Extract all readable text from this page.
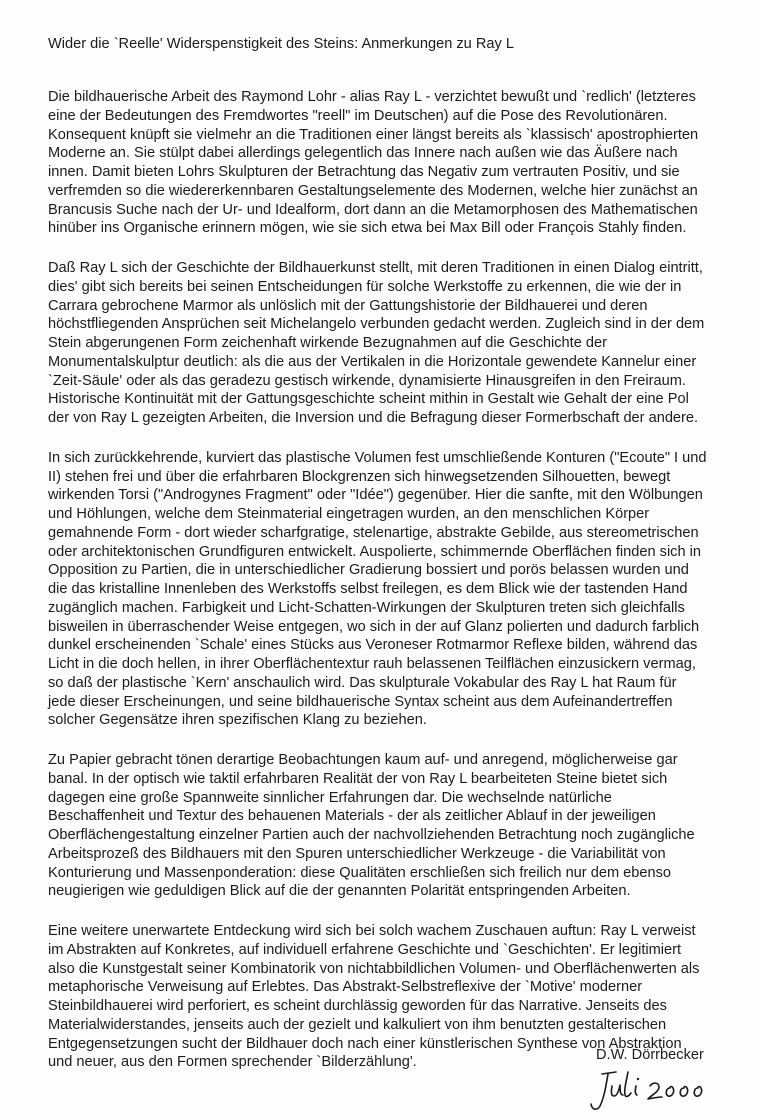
Wider die `Reelle' Widerspenstigkeit des Steins: Anmerkungen zu Ray L

Die bildhauerische Arbeit des Raymond Lohr - alias Ray L - verzichtet bewußt und `redlich' (letzteres
eine der Bedeutungen des Fremdwortes "reell" im Deutschen) auf die Pose des Revolutionären.
Konsequent knüpft sie vielmehr an die Traditionen einer längst bereits als `klassisch' apostrophierten
Moderne an. Sie stülpt dabei allerdings gelegentlich das Innere nach außen wie das Äußere nach
innen. Damit bieten Lohrs Skulpturen der Betrachtung das Negativ zum vertrauten Positiv, und sie
verfremden so die wiedererkennbaren Gestaltungselemente des Modernen, welche hier zunächst an
Brancusis Suche nach der Ur- und Idealform, dort dann an die Metamorphosen des Mathematischen
hinüber ins Organische erinnern mögen, wie sie sich etwa bei Max Bill oder François Stahly finden.

Daß Ray L sich der Geschichte der Bildhauerkunst stellt, mit deren Traditionen in einen Dialog eintritt,
dies' gibt sich bereits bei seinen Entscheidungen für solche Werkstoffe zu erkennen, die wie der in
Carrara gebrochene Marmor als unlöslich mit der Gattungshistorie der Bildhauerei und deren
höchstfliegenden Ansprüchen seit Michelangelo verbunden gedacht werden. Zugleich sind in der dem
Stein abgerungenen Form zeichenhaft wirkende Bezugnahmen auf die Geschichte der
Monumentalskulptur deutlich: als die aus der Vertikalen in die Horizontale gewendete Kannelur einer
`Zeit-Säule' oder als das geradezu gestisch wirkende, dynamisierte Hinausgreifen in den Freiraum.
Historische Kontinuität mit der Gattungsgeschichte scheint mithin in Gestalt wie Gehalt der eine Pol
der von Ray L gezeigten Arbeiten, die Inversion und die Befragung dieser Formerbschaft der andere.

In sich zurückkehrende, kurviert das plastische Volumen fest umschließende Konturen ("Ecoute" I und
II) stehen frei und über die erfahrbaren Blockgrenzen sich hinwegsetzenden Silhouetten, bewegt
wirkenden Torsi ("Androgynes Fragment" oder "Idée") gegenüber. Hier die sanfte, mit den Wölbungen
und Höhlungen, welche dem Steinmaterial eingetragen wurden, an den menschlichen Körper
gemahnende Form - dort wieder scharfgratige, stelenartige, abstrakte Gebilde, aus stereometrischen
oder architektonischen Grundfiguren entwickelt. Auspolierte, schimmernde Oberflächen finden sich in
Opposition zu Partien, die in unterschiedlicher Gradierung bossiert und porös belassen wurden und
die das kristalline Innenleben des Werkstoffs selbst freilegen, es dem Blick wie der tastenden Hand
zugänglich machen. Farbigkeit und Licht-Schatten-Wirkungen der Skulpturen treten sich gleichfalls
bisweilen in überraschender Weise entgegen, wo sich in der auf Glanz polierten und dadurch farblich
dunkel erscheinenden `Schale' eines Stücks aus Veroneser Rotmarmor Reflexe bilden, während das
Licht in die doch hellen, in ihrer Oberflächentextur rauh belassenen Teilflächen einzusickern vermag,
so daß der plastische `Kern' anschaulich wird. Das skulpturale Vokabular des Ray L hat Raum für
jede dieser Erscheinungen, und seine bildhauerische Syntax scheint aus dem Aufeinandertreffen
solcher Gegensätze ihren spezifischen Klang zu beziehen.

Zu Papier gebracht tönen derartige Beobachtungen kaum auf- und anregend, möglicherweise gar
banal. In der optisch wie taktil erfahrbaren Realität der von Ray L bearbeiteten Steine bietet sich
dagegen eine große Spannweite sinnlicher Erfahrungen dar. Die wechselnde natürliche
Beschaffenheit und Textur des behauenen Materials - der als zeitlicher Ablauf in der jeweiligen
Oberflächengestaltung einzelner Partien auch der nachvollziehenden Betrachtung noch zugängliche
Arbeitsprozeß des Bildhauers mit den Spuren unterschiedlicher Werkzeuge - die Variabilität von
Konturierung und Massenponderation: diese Qualitäten erschließen sich freilich nur dem ebenso
neugierigen wie geduldigen Blick auf die der genannten Polarität entspringenden Arbeiten.

Eine weitere unerwartete Entdeckung wird sich bei solch wachem Zuschauen auftun: Ray L verweist
im Abstrakten auf Konkretes, auf individuell erfahrene Geschichte und `Geschichten'. Er legitimiert
also die Kunstgestalt seiner Kombinatorik von nichtabbildlichen Volumen- und Oberflächenwerten als
metaphorische Verweisung auf Erlebtes. Das Abstrakt-Selbstreflexive der `Motive' moderner
Steinbildhauerei wird perforiert, es scheint durchlässig geworden für das Narrative. Jenseits des
Materialwiderstandes, jenseits auch der gezielt und kalkuliert von ihm benutzten gestalterischen
Entgegensetzungen sucht der Bildhauer doch nach einer künstlerischen Synthese von Abstraktion
und neuer, aus den Formen sprechender `Bilderzählung'.	D.W. Dörrbecker
